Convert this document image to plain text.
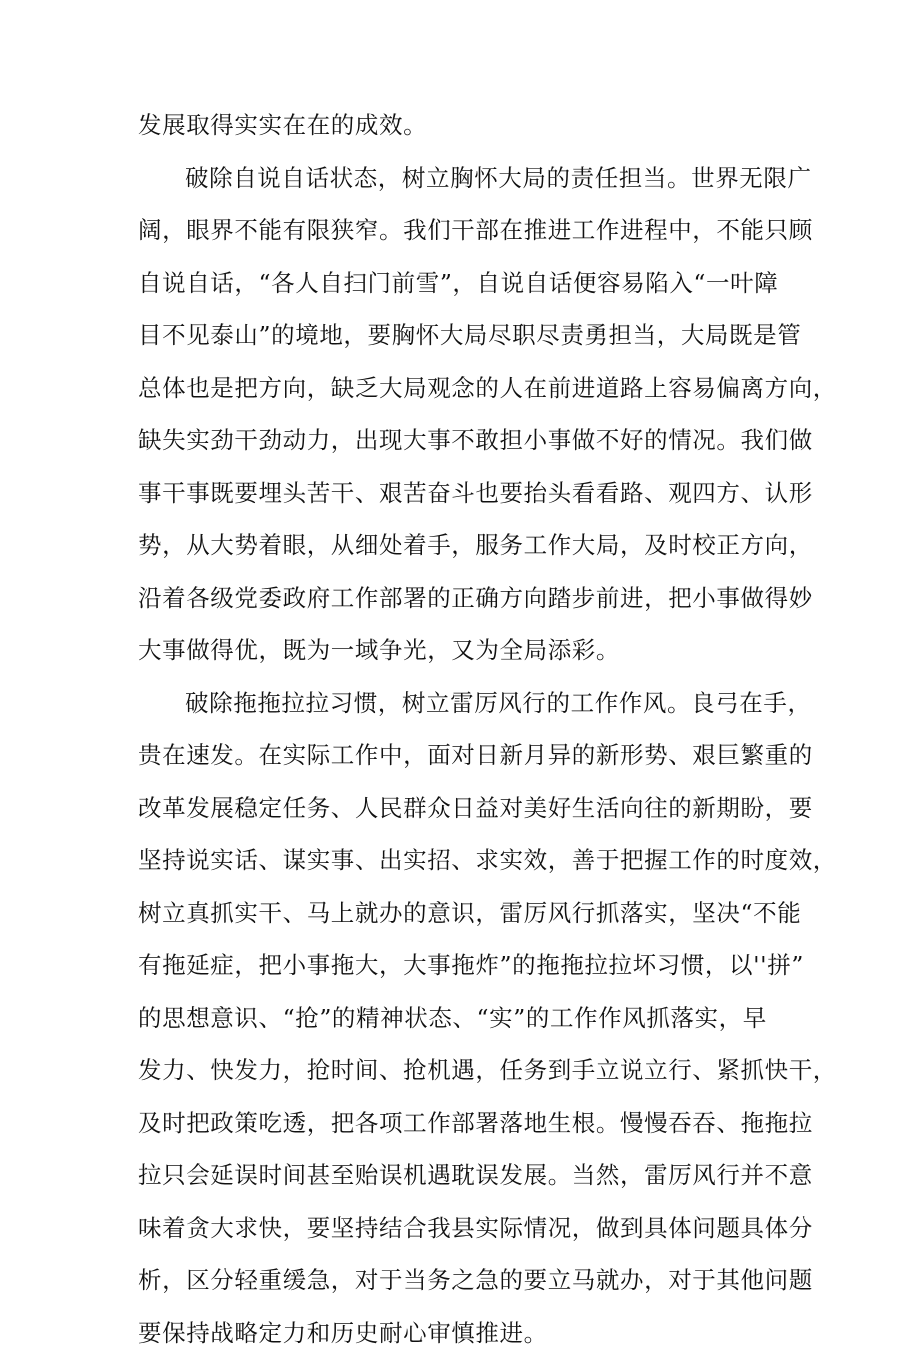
发展取得实实在在的成效。
破除自说自话状态，树立胸怀大局的责任担当。世界无限广
阔，眼界不能有限狭窄。我们干部在推进工作进程中，不能只顾
自说自话，“各人自扫门前雪”，自说自话便容易陷入“一叶障
目不见泰山”的境地，要胸怀大局尽职尽责勇担当，大局既是管
总体也是把方向，缺乏大局观念的人在前进道路上容易偏离方向，
缺失实劲干劲动力，出现大事不敢担小事做不好的情况。我们做
事干事既要埋头苦干、艰苦奋斗也要抬头看看路、观四方、认形
势，从大势着眼，从细处着手，服务工作大局，及时校正方向，
沿着各级党委政府工作部署的正确方向踏步前进，把小事做得妙
大事做得优，既为一域争光，又为全局添彩。
破除拖拖拉拉习惯，树立雷厉风行的工作作风。良弓在手，
贵在速发。在实际工作中，面对日新月异的新形势、艰巨繁重的
改革发展稳定任务、人民群众日益对美好生活向往的新期盼，要
坚持说实话、谋实事、出实招、求实效，善于把握工作的时度效，
树立真抓实干、马上就办的意识，雷厉风行抓落实，坚决“不能
有拖延症，把小事拖大，大事拖炸”的拖拖拉拉坏习惯，以''拼”
的思想意识、“抢”的精神状态、“实”的工作作风抓落实，早
发力、快发力，抢时间、抢机遇，任务到手立说立行、紧抓快干，
及时把政策吃透，把各项工作部署落地生根。慢慢吞吞、拖拖拉
拉只会延误时间甚至贻误机遇耽误发展。当然，雷厉风行并不意
味着贪大求快，要坚持结合我县实际情况，做到具体问题具体分
析，区分轻重缓急，对于当务之急的要立马就办，对于其他问题
要保持战略定力和历史耐心审慎推进。
